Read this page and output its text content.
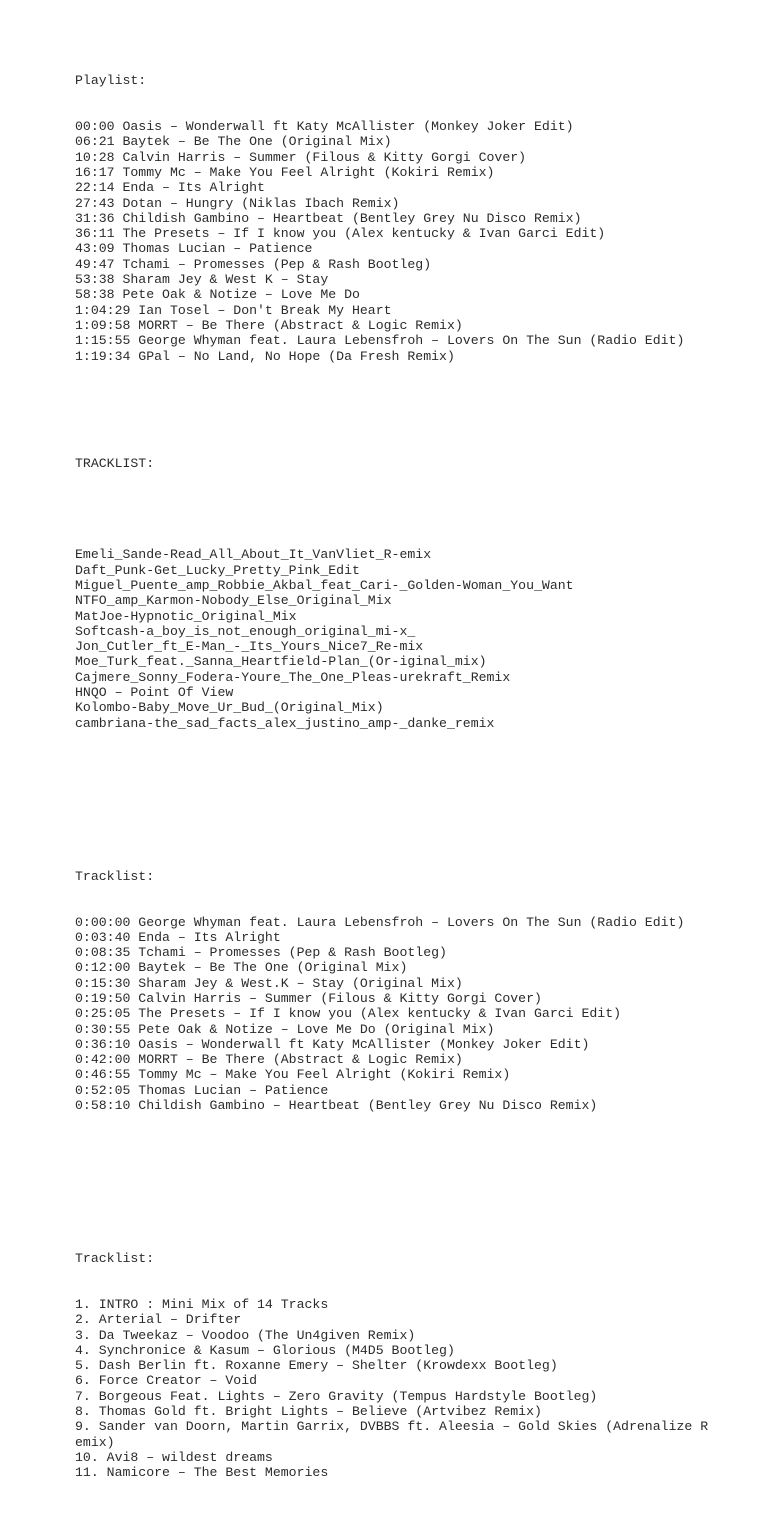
Playlist:

00:00 Oasis – Wonderwall ft Katy McAllister (Monkey Joker Edit)
06:21 Baytek – Be The One (Original Mix)
10:28 Calvin Harris – Summer (Filous & Kitty Gorgi Cover)
16:17 Tommy Mc – Make You Feel Alright (Kokiri Remix)
22:14 Enda – Its Alright
27:43 Dotan – Hungry (Niklas Ibach Remix)
31:36 Childish Gambino – Heartbeat (Bentley Grey Nu Disco Remix)
36:11 The Presets – If I know you (Alex kentucky & Ivan Garci Edit)
43:09 Thomas Lucian – Patience
49:47 Tchami – Promesses (Pep & Rash Bootleg)
53:38 Sharam Jey & West K – Stay
58:38 Pete Oak & Notize – Love Me Do
1:04:29 Ian Tosel – Don't Break My Heart
1:09:58 MORRT – Be There (Abstract & Logic Remix)
1:15:55 George Whyman feat. Laura Lebensfroh – Lovers On The Sun (Radio Edit)
1:19:34 GPal – No Land, No Hope (Da Fresh Remix)

TRACKLIST:

Emeli_Sande-Read_All_About_It_VanVliet_R-emix
Daft_Punk-Get_Lucky_Pretty_Pink_Edit
Miguel_Puente_amp_Robbie_Akbal_feat_Cari-_Golden-Woman_You_Want
NTFO_amp_Karmon-Nobody_Else_Original_Mix
MatJoe-Hypnotic_Original_Mix
Softcash-a_boy_is_not_enough_original_mi-x_
Jon_Cutler_ft_E-Man_-_Its_Yours_Nice7_Re-mix
Moe_Turk_feat._Sanna_Heartfield-Plan_(Or-iginal_mix)
Cajmere_Sonny_Fodera-Youre_The_One_Pleas-urekraft_Remix
HNQO – Point Of View
Kolombo-Baby_Move_Ur_Bud_(Original_Mix)
cambriana-the_sad_facts_alex_justino_amp-_danke_remix

Tracklist:

0:00:00 George Whyman feat. Laura Lebensfroh – Lovers On The Sun (Radio Edit)
0:03:40 Enda – Its Alright
0:08:35 Tchami – Promesses (Pep & Rash Bootleg)
0:12:00 Baytek – Be The One (Original Mix)
0:15:30 Sharam Jey & West.K – Stay (Original Mix)
0:19:50 Calvin Harris – Summer (Filous & Kitty Gorgi Cover)
0:25:05 The Presets – If I know you (Alex kentucky & Ivan Garci Edit)
0:30:55 Pete Oak & Notize – Love Me Do (Original Mix)
0:36:10 Oasis – Wonderwall ft Katy McAllister (Monkey Joker Edit)
0:42:00 MORRT – Be There (Abstract & Logic Remix)
0:46:55 Tommy Mc – Make You Feel Alright (Kokiri Remix)
0:52:05 Thomas Lucian – Patience
0:58:10 Childish Gambino – Heartbeat (Bentley Grey Nu Disco Remix)

Tracklist:

1. INTRO : Mini Mix of 14 Tracks
2. Arterial – Drifter
3. Da Tweekaz – Voodoo (The Un4given Remix)
4. Synchronice & Kasum – Glorious (M4D5 Bootleg)
5. Dash Berlin ft. Roxanne Emery – Shelter (Krowdexx Bootleg)
6. Force Creator – Void
7. Borgeous Feat. Lights – Zero Gravity (Tempus Hardstyle Bootleg)
8. Thomas Gold ft. Bright Lights – Believe (Artvibez Remix)
9. Sander van Doorn, Martin Garrix, DVBBS ft. Aleesia – Gold Skies (Adrenalize R
emix)
10. Avi8 – wildest dreams
11. Namicore – The Best Memories
